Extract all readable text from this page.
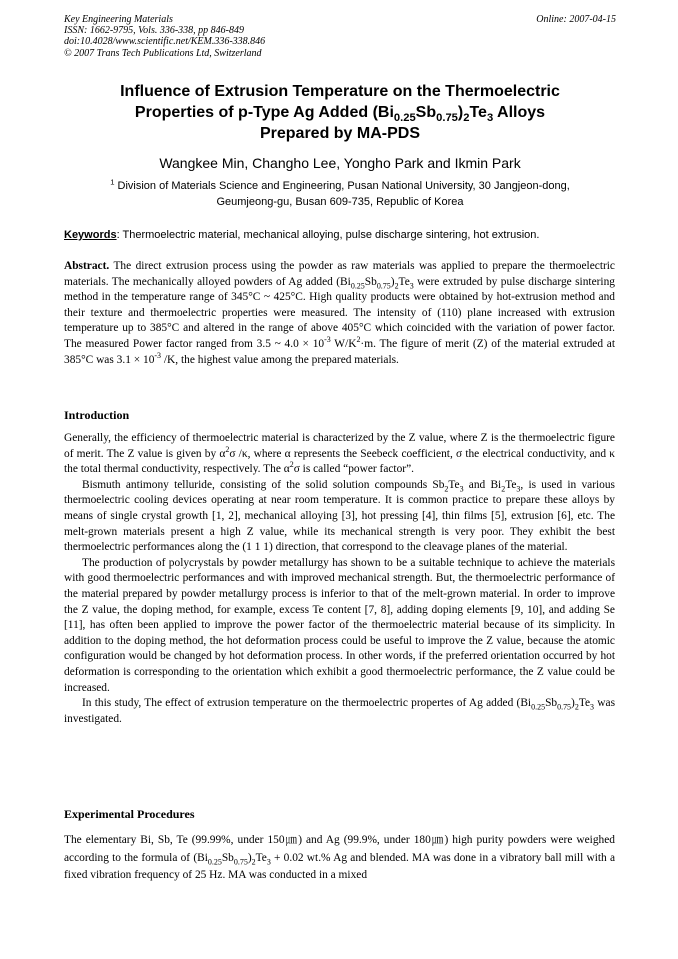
Key Engineering Materials
ISSN: 1662-9795, Vols. 336-338, pp 846-849
doi:10.4028/www.scientific.net/KEM.336-338.846
© 2007 Trans Tech Publications Ltd, Switzerland
Online: 2007-04-15
Influence of Extrusion Temperature on the Thermoelectric
Properties of p-Type Ag Added $(Bi_{0.25}Sb_{0.75})_2Te_3$ Alloys
Prepared by MA-PDS
Wangkee Min, Changho Lee, Yongho Park and Ikmin Park
$^1$ Division of Materials Science and Engineering, Pusan National University, 30 Jangjeon-dong,
Geumjeong-gu, Busan 609-735, Republic of Korea
Keywords: Thermoelectric material, mechanical alloying, pulse discharge sintering, hot extrusion.

Abstract. The direct extrusion process using the powder as raw materials was applied to prepare the thermoelectric materials. The mechanically alloyed powders of Ag added $(Bi_{0.25}Sb_{0.75})_2Te_3$ were extruded by pulse discharge sintering method in the temperature range of 345°C ~ 425°C. High quality products were obtained by hot-extrusion method and their texture and thermoelectric properties were measured. The intensity of (110) plane increased with extrusion temperature up to 385°C and altered in the range of above 405°C which coincided with the variation of power factor. The measured Power factor ranged from 3.5 ~ $4.0 \times 10^{-3}$ $W/K^2\cdot m$. The figure of merit (Z) of the material extruded at 385°C was $3.1 \times 10^{-3}$ /K, the highest value among the prepared materials.

Introduction

Generally, the efficiency of thermoelectric material is characterized by the Z value, where Z is the thermoelectric figure of merit. The Z value is given by $\alpha^2\sigma$ /κ, where α represents the Seebeck coefficient, σ the electrical conductivity, and κ the total thermal conductivity, respectively. The $\alpha^2\sigma$ is called “power factor”.

Bismuth antimony telluride, consisting of the solid solution compounds $Sb_2Te_3$ and $Bi_2Te_3$, is used in various thermoelectric cooling devices operating at near room temperature. It is common practice to prepare these alloys by means of single crystal growth [1, 2], mechanical alloying [3], hot pressing [4], thin films [5], extrusion [6], etc. The melt-grown materials present a high Z value, while its mechanical strength is very poor. They exhibit the best thermoelectric performances along the (1 1 1) direction, that correspond to the cleavage planes of the material.

The production of polycrystals by powder metallurgy has shown to be a suitable technique to achieve the materials with good thermoelectric performances and with improved mechanical strength. But, the thermoelectric performance of the material prepared by powder metallurgy process is inferior to that of the melt-grown material. In order to improve the Z value, the doping method, for example, excess Te content [7, 8], adding doping elements [9, 10], and adding Se [11], has often been applied to improve the power factor of the thermoelectric material because of its simplicity. In addition to the doping method, the hot deformation process could be useful to improve the Z value, because the atomic configuration would be changed by hot deformation process. In other words, if the preferred orientation occurred by hot deformation is corresponding to the orientation which exhibit a good thermoelectric performance, the Z value could be increased.

In this study, The effect of extrusion temperature on the thermoelectric propertes of Ag added $(Bi_{0.25}Sb_{0.75})_2Te_3$ was investigated.

Experimental Procedures

The elementary Bi, Sb, Te (99.99%, under 150㎛) and Ag (99.9%, under 180㎛) high purity powders were weighed according to the formula of $(Bi_{0.25}Sb_{0.75})_2Te_3 + 0.02$ wt.% Ag and blended. MA was done in a vibratory ball mill with a fixed vibration frequency of 25 Hz. MA was conducted in a mixed
